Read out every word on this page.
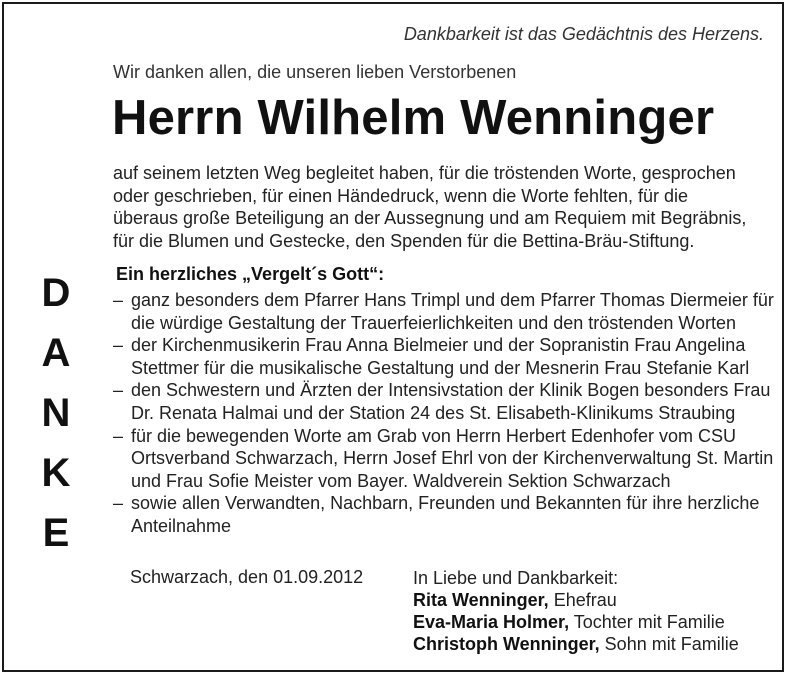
Dankbarkeit ist das Gedächtnis des Herzens.
Wir danken allen, die unseren lieben Verstorbenen
Herrn Wilhelm Wenninger
auf seinem letzten Weg begleitet haben, für die tröstenden Worte, gesprochen
oder geschrieben, für einen Händedruck, wenn die Worte fehlten, für die
überaus große Beteiligung an der Aussegnung und am Requiem mit Begräbnis,
für die Blumen und Gestecke, den Spenden für die Bettina-Bräu-Stiftung.
D
A
N
K
E
Ein herzliches „Vergelt´s Gott“:
– ganz besonders dem Pfarrer Hans Trimpl und dem Pfarrer Thomas Diermeier für
die würdige Gestaltung der Trauerfeierlichkeiten und den tröstenden Worten
– der Kirchenmusikerin Frau Anna Bielmeier und der Sopranistin Frau Angelina
Stettmer für die musikalische Gestaltung und der Mesnerin Frau Stefanie Karl
– den Schwestern und Ärzten der Intensivstation der Klinik Bogen besonders Frau
Dr. Renata Halmai und der Station 24 des St. Elisabeth-Klinikums Straubing
– für die bewegenden Worte am Grab von Herrn Herbert Edenhofer vom CSU
Ortsverband Schwarzach, Herrn Josef Ehrl von der Kirchenverwaltung St. Martin
und Frau Sofie Meister vom Bayer. Waldverein Sektion Schwarzach
– sowie allen Verwandten, Nachbarn, Freunden und Bekannten für ihre herzliche
Anteilnahme
Schwarzach, den 01.09.2012	In Liebe und Dankbarkeit:
Rita Wenninger, Ehefrau
Eva-Maria Holmer, Tochter mit Familie
Christoph Wenninger, Sohn mit Familie
